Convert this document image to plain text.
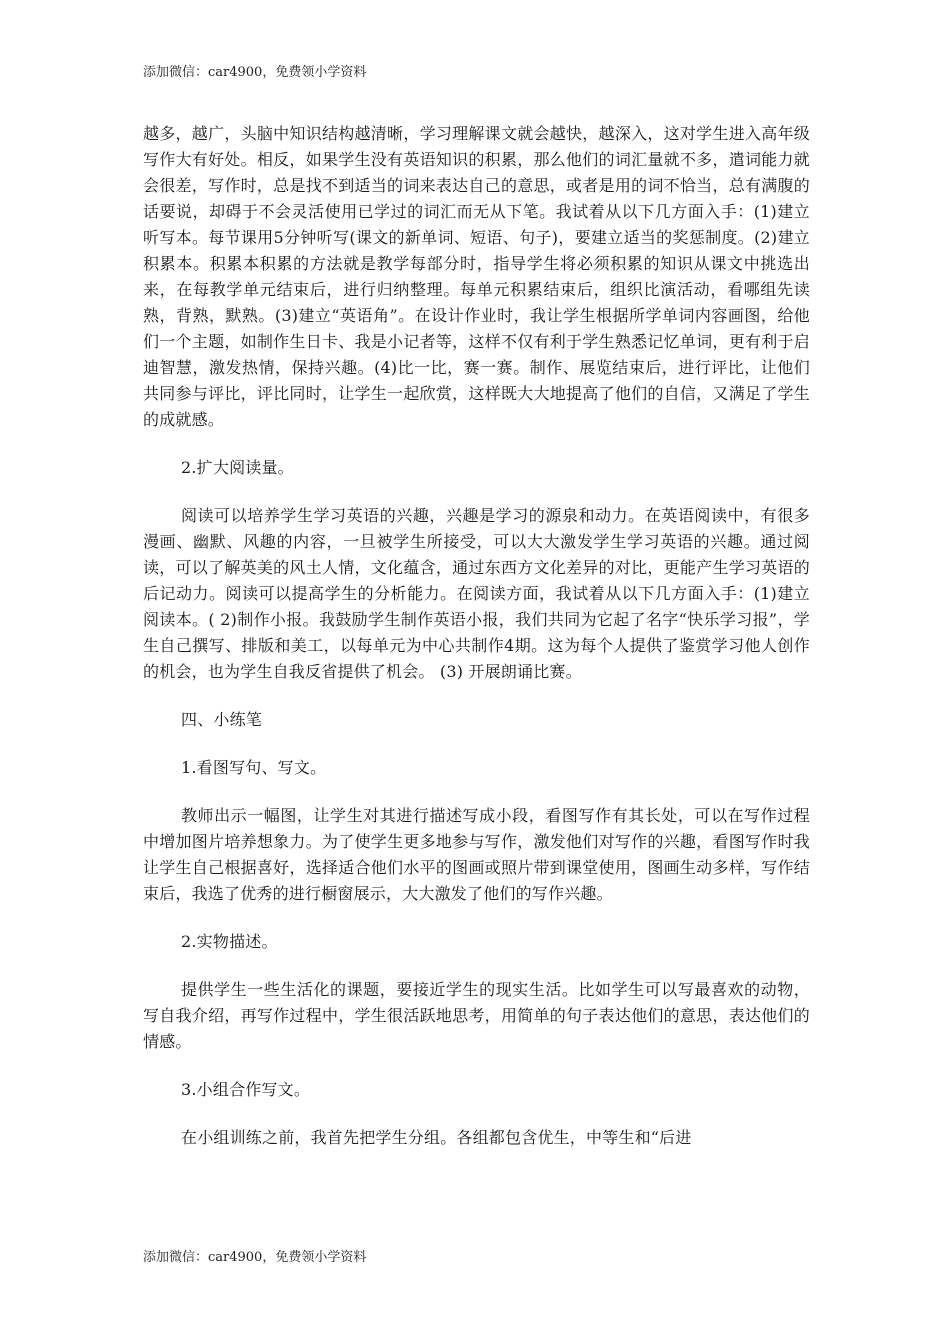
添加微信：car4900，免费领小学资料

越多，越广，头脑中知识结构越清晰，学习理解课文就会越快，越深入，这对学生进入高年级写作大有好处。相反，如果学生没有英语知识的积累，那么他们的词汇量就不多，遣词能力就会很差，写作时，总是找不到适当的词来表达自己的意思，或者是用的词不恰当，总有满腹的话要说，却碍于不会灵活使用已学过的词汇而无从下笔。我试着从以下几方面入手：(1)建立听写本。每节课用5分钟听写(课文的新单词、短语、句子)，要建立适当的奖惩制度。(2)建立积累本。积累本积累的方法就是教学每部分时，指导学生将必须积累的知识从课文中挑选出来，在每教学单元结束后，进行归纳整理。每单元积累结束后，组织比演活动，看哪组先读熟，背熟，默熟。(3)建立“英语角”。在设计作业时，我让学生根据所学单词内容画图，给他们一个主题，如制作生日卡、我是小记者等，这样不仅有利于学生熟悉记忆单词，更有利于启迪智慧，激发热情，保持兴趣。(4)比一比，赛一赛。制作、展览结束后，进行评比，让他们共同参与评比，评比同时，让学生一起欣赏，这样既大大地提高了他们的自信，又满足了学生的成就感。

2.扩大阅读量。

阅读可以培养学生学习英语的兴趣，兴趣是学习的源泉和动力。在英语阅读中，有很多漫画、幽默、风趣的内容，一旦被学生所接受，可以大大激发学生学习英语的兴趣。通过阅读，可以了解英美的风土人情，文化蕴含，通过东西方文化差异的对比，更能产生学习英语的后记动力。阅读可以提高学生的分析能力。在阅读方面，我试着从以下几方面入手：(1)建立阅读本。( 2)制作小报。我鼓励学生制作英语小报，我们共同为它起了名字“快乐学习报”，学生自己撰写、排版和美工，以每单元为中心共制作4期。这为每个人提供了鉴赏学习他人创作的机会，也为学生自我反省提供了机会。 (3) 开展朗诵比赛。

四、小练笔

1.看图写句、写文。

教师出示一幅图，让学生对其进行描述写成小段，看图写作有其长处，可以在写作过程中增加图片培养想象力。为了使学生更多地参与写作，激发他们对写作的兴趣，看图写作时我让学生自己根据喜好，选择适合他们水平的图画或照片带到课堂使用，图画生动多样，写作结束后，我选了优秀的进行橱窗展示，大大激发了他们的写作兴趣。

2.实物描述。

提供学生一些生活化的课题，要接近学生的现实生活。比如学生可以写最喜欢的动物，写自我介绍，再写作过程中，学生很活跃地思考，用简单的句子表达他们的意思，表达他们的情感。

3.小组合作写文。

在小组训练之前，我首先把学生分组。各组都包含优生，中等生和“后进

添加微信：car4900，免费领小学资料
